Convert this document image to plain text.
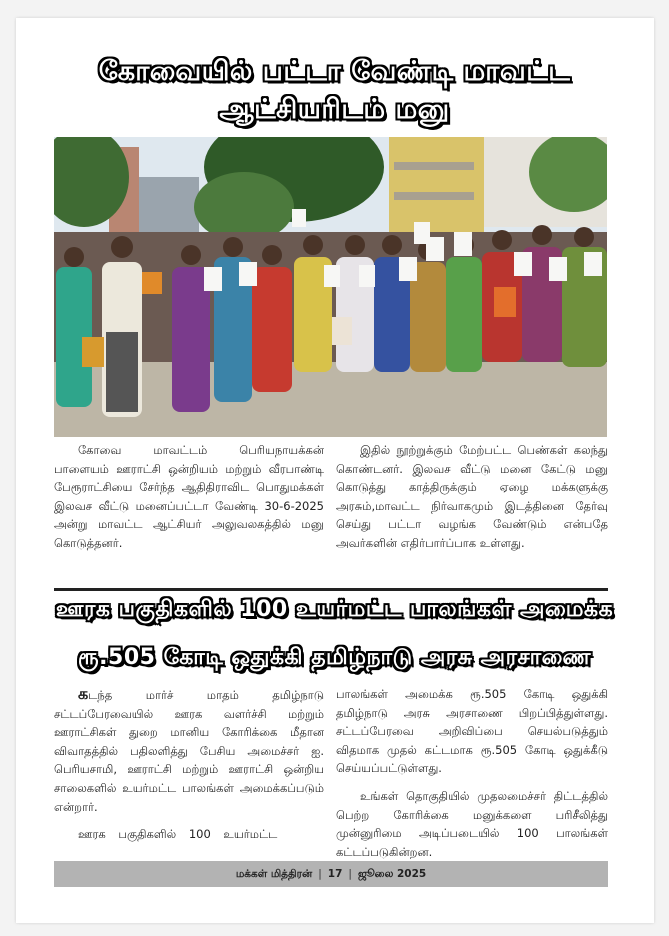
கோவையில் பட்டா வேண்டி மாவட்ட
ஆட்சியரிடம் மனு

கோவை மாவட்டம் பெரியநாயக்கன் பாளையம் ஊராட்சி ஒன்றியம் மற்றும் வீரபாண்டி பேரூராட்சியை சேர்ந்த ஆதிதிராவிட பொதுமக்கள் இலவச வீட்டு மனைப்பட்டா வேண்டி 30-6-2025 அன்று மாவட்ட ஆட்சியர் அலுவலகத்தில் மனு கொடுத்தனர்.

இதில் நூற்றுக்கும் மேற்பட்ட பெண்கள் கலந்து கொண்டனர். இலவச வீட்டு மனை கேட்டு மனு கொடுத்து காத்திருக்கும் ஏழை மக்களுக்கு அரசும்,மாவட்ட நிர்வாகமும் இடத்தினை தேர்வு செய்து பட்டா வழங்க வேண்டும் என்பதே அவர்களின் எதிர்பார்ப்பாக உள்ளது.

ஊரக பகுதிகளில் 100 உயர்மட்ட பாலங்கள் அமைக்க
ரூ.505 கோடி ஒதுக்கி தமிழ்நாடு அரசு அரசாணை

கடந்த மார்ச் மாதம் தமிழ்நாடு சட்டப்பேரவையில் ஊரக வளர்ச்சி மற்றும் ஊராட்சிகள் துறை மானிய கோரிக்கை மீதான விவாதத்தில் பதிலளித்து பேசிய அமைச்சர் ஐ. பெரியசாமி, ஊராட்சி மற்றும் ஊராட்சி ஒன்றிய சாலைகளில் உயர்மட்ட பாலங்கள் அமைக்கப்படும் என்றார்.

ஊரக பகுதிகளில் 100 உயர்மட்ட

பாலங்கள் அமைக்க ரூ.505 கோடி ஒதுக்கி தமிழ்நாடு அரசு அரசாணை பிறப்பித்துள்ளது. சட்டப்பேரவை அறிவிப்பை செயல்படுத்தும் விதமாக முதல் கட்டமாக ரூ.505 கோடி ஒதுக்கீடு செய்யப்பட்டுள்ளது.

உங்கள் தொகுதியில் முதலமைச்சர் திட்டத்தில் பெற்ற கோரிக்கை மனுக்களை பரிசீலித்து முன்னுரிமை அடிப்படையில் 100 பாலங்கள் கட்டப்படுகின்றன.

மக்கள் மித்திரன் | 17 | ஜூலை 2025
